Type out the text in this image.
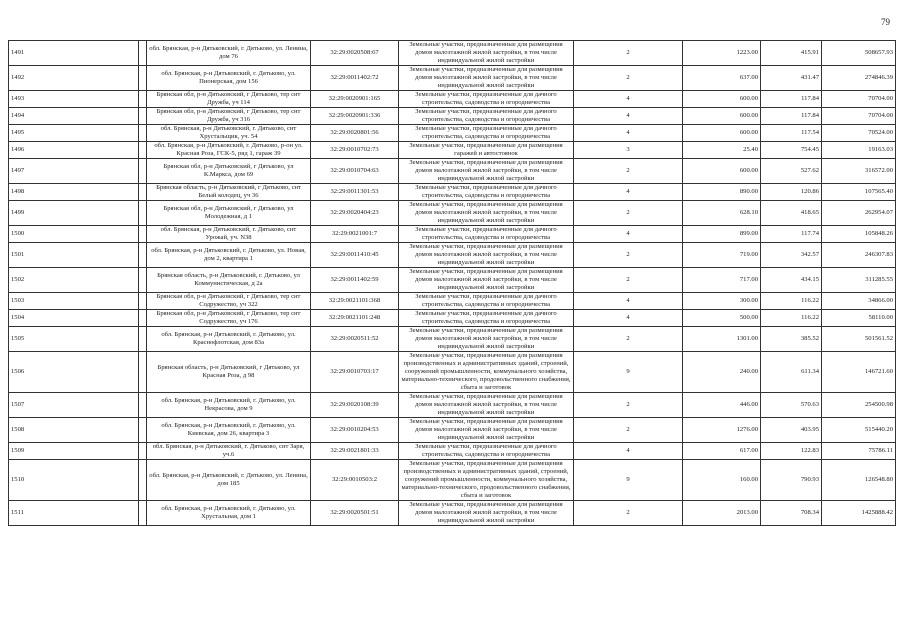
79
1491		обл. Брянская, р-н Дятьковский, г. Дятьково, ул. Ленина, дом 76	32:29:0020508:67	Земельные участки, предназначенные для размещения домов малоэтажной жилой застройки, в том числе индивидуальной жилой застройки	2	1223.00	415.91	508657.93
1492		обл. Брянская, р-н Дятьковский, г. Дятьково, ул. Пионерская, дом 156	32:29:0011402:72	Земельные участки, предназначенные для размещения домов малоэтажной жилой застройки, в том числе индивидуальной жилой застройки	2	637.00	431.47	274846.39
1493		Брянская обл, р-н Дятьковский, г Дятьково, тер снт Дружба, уч 114	32:29:0020901:165	Земельные участки, предназначенные для дачного строительства, садоводства и огородничества	4	600.00	117.84	70704.00
1494		Брянская обл, р-н Дятьковский, г Дятьково, тер снт Дружба, уч 316	32:29:0020901:336	Земельные участки, предназначенные для дачного строительства, садоводства и огородничества	4	600.00	117.84	70704.00
1495		обл. Брянская, р-н Дятьковский, г. Дятьково, снт Хрустальщик, уч. 54	32:29:0020801:56	Земельные участки, предназначенные для дачного строительства, садоводства и огородничества	4	600.00	117.54	70524.00
1496		обл. Брянская, р-н Дятьковский, г. Дятьково, р-он ул. Красная Роза, ГСК-5, ряд 1, гараж 39	32:29:0010702:73	Земельные участки, предназначенные для размещения гаражей и автостоянок	3	25.40	754.45	19163.03
1497		Брянская обл, р-н Дятьковский, г Дятьково, ул К.Маркса, дом 69	32:29:0010704:63	Земельные участки, предназначенные для размещения домов малоэтажной жилой застройки, в том числе индивидуальной жилой застройки	2	600.00	527.62	316572.00
1498		Брянская область, р-н Дятьковский, г Дятьково, снт Белый колодец, уч 36	32:29:0011301:53	Земельные участки, предназначенные для дачного строительства, садоводства и огородничества	4	890.00	120.86	107565.40
1499		Брянская обл, р-н Дятьковский, г Дятьково, ул Молодежная, д 1	32:29:0020404:23	Земельные участки, предназначенные для размещения домов малоэтажной жилой застройки, в том числе индивидуальной жилой застройки	2	628.10	418.65	262954.07
1500		обл. Брянская, р-н Дятьковский, г. Дятьково, снт Урожай, уч. N38	32:29:0021001:7	Земельные участки, предназначенные для дачного строительства, садоводства и огородничества	4	899.00	117.74	105848.26
1501		обл. Брянская, р-н Дятьковский, г. Дятьково, ул. Новая, дом 2, квартира 1	32:29:0011410:45	Земельные участки, предназначенные для размещения домов малоэтажной жилой застройки, в том числе индивидуальной жилой застройки	2	719.00	342.57	246307.83
1502		Брянская область, р-н Дятьковский, г. Дятьково, ул Коммунистическая, д 2а	32:29:0011402:59	Земельные участки, предназначенные для размещения домов малоэтажной жилой застройки, в том числе индивидуальной жилой застройки	2	717.00	434.15	311285.55
1503		Брянская обл, р-н Дятьковский, г Дятьково, тер снт Содружество, уч 322	32:29:0021101:368	Земельные участки, предназначенные для дачного строительства, садоводства и огородничества	4	300.00	116.22	34866.00
1504		Брянская обл, р-н Дятьковский, г Дятьково, тер снт Содружество, уч 176	32:29:0021101:248	Земельные участки, предназначенные для дачного строительства, садоводства и огородничества	4	500.00	116.22	58110.00
1505		обл. Брянская, р-н Дятьковский, г. Дятьково, ул. Краснофлотская, дом 83а	32:29:0020511:52	Земельные участки, предназначенные для размещения домов малоэтажной жилой застройки, в том числе индивидуальной жилой застройки	2	1301.00	385.52	501561.52
1506		Брянская область, р-н Дятьковский, г Дятьково, ул Красная Роза, д 98	32:29:0010703:17	Земельные участки, предназначенные для размещения производственных и административных зданий, строений, сооружений промышленности, коммунального хозяйства, материально-технического, продовольственного снабжения, сбыта и заготовок	9	240.00	611.34	146721.60
1507		обл. Брянская, р-н Дятьковский, г. Дятьково, ул. Некрасова, дом 9	32:29:0020108:39	Земельные участки, предназначенные для размещения домов малоэтажной жилой застройки, в том числе индивидуальной жилой застройки	2	446.00	570.63	254500.98
1508		обл. Брянская, р-н Дятьковский, г. Дятьково, ул. Киевская, дом 26, квартира 3	32:29:0010204:53	Земельные участки, предназначенные для размещения домов малоэтажной жилой застройки, в том числе индивидуальной жилой застройки	2	1276.00	403.95	515440.20
1509		обл. Брянская, р-н Дятьковский, г. Дятьково, снт Заря, уч.6	32:29:0021801:33	Земельные участки, предназначенные для дачного строительства, садоводства и огородничества	4	617.00	122.83	75786.11
1510		обл. Брянская, р-н Дятьковский, г. Дятьково, ул. Ленина, дом 185	32:29:0010503:2	Земельные участки, предназначенные для размещения производственных и административных зданий, строений, сооружений промышленности, коммунального хозяйства, материально-технического, продовольственного снабжения, сбыта и заготовок	9	160.00	790.93	126548.80
1511		обл. Брянская, р-н Дятьковский, г. Дятьково, ул. Хрустальная, дом 1	32:29:0020501:51	Земельные участки, предназначенные для размещения домов малоэтажной жилой застройки, в том числе индивидуальной жилой застройки	2	2013.00	708.34	1425888.42
